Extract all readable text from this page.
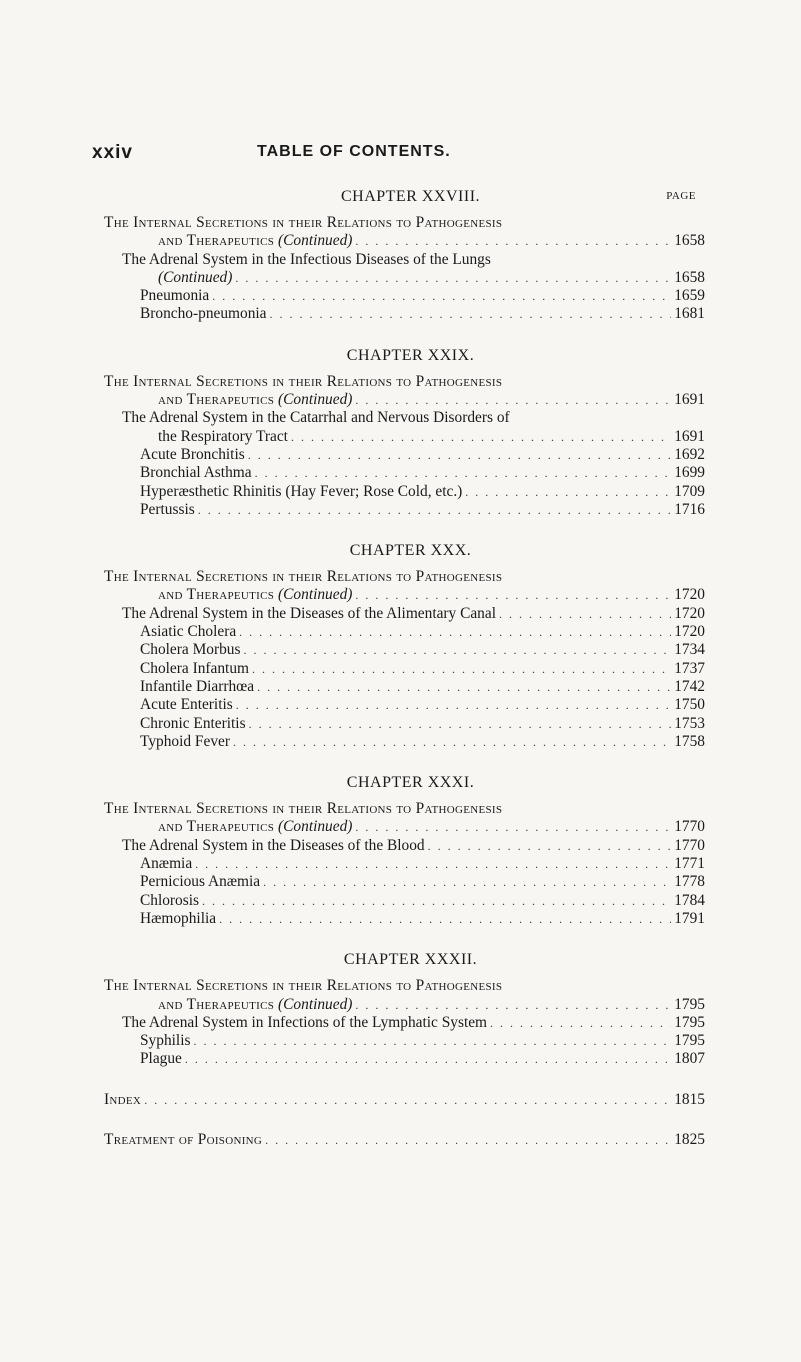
xxiv	TABLE OF CONTENTS.
CHAPTER XXVIII.	PAGE
The Internal Secretions in their Relations to Pathogenesis
and Therapeutics (Continued) . . .	1658
The Adrenal System in the Infectious Diseases of the Lungs
(Continued) . . .	1658
Pneumonia . . .	1659
Broncho-pneumonia . . .	1681
CHAPTER XXIX.
The Internal Secretions in their Relations to Pathogenesis
and Therapeutics (Continued) . . .	1691
The Adrenal System in the Catarrhal and Nervous Disorders of
the Respiratory Tract . . .	1691
Acute Bronchitis . . .	1692
Bronchial Asthma . . .	1699
Hyperæsthetic Rhinitis (Hay Fever; Rose Cold, etc.) . . .	1709
Pertussis . . .	1716
CHAPTER XXX.
The Internal Secretions in their Relations to Pathogenesis
and Therapeutics (Continued) . . .	1720
The Adrenal System in the Diseases of the Alimentary Canal . . .	1720
Asiatic Cholera . . .	1720
Cholera Morbus . . .	1734
Cholera Infantum . . .	1737
Infantile Diarrhœa . . .	1742
Acute Enteritis . . .	1750
Chronic Enteritis . . .	1753
Typhoid Fever . . .	1758
CHAPTER XXXI.
The Internal Secretions in their Relations to Pathogenesis
and Therapeutics (Continued) . . .	1770
The Adrenal System in the Diseases of the Blood . . .	1770
Anæmia . . .	1771
Pernicious Anæmia . . .	1778
Chlorosis . . .	1784
Hæmophilia . . .	1791
CHAPTER XXXII.
The Internal Secretions in their Relations to Pathogenesis
and Therapeutics (Continued) . . .	1795
The Adrenal System in Infections of the Lymphatic System . . .	1795
Syphilis . . .	1795
Plague . . .	1807
Index . . .	1815
Treatment of Poisoning . . .	1825
